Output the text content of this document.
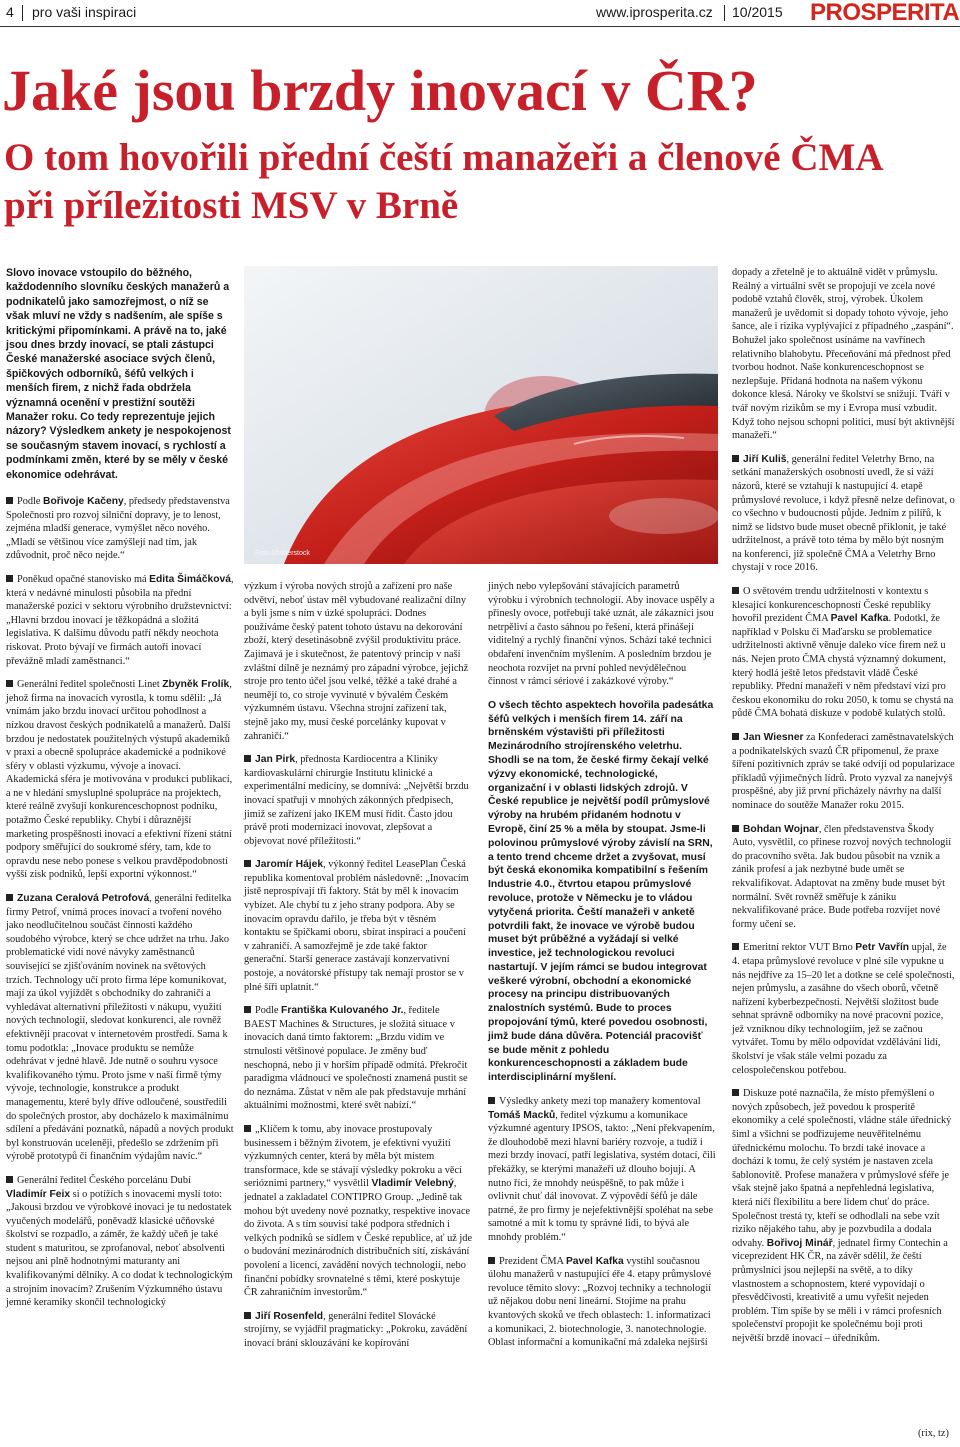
4 pro vaši inspiraci	www.iprosperita.cz 10/2015 PROSPERITA
Jaké jsou brzdy inovací v ČR?
O tom hovořili přední čeští manažeři a členové ČMA při příležitosti MSV v Brně
Slovo inovace vstoupilo do běžného, každodenního slovníku českých manažerů a podnikatelů jako samozřejmost, o níž se však mluví ne vždy s nadšením, ale spíše s kritickými připomínkami. A právě na to, jaké jsou dnes brzdy inovací, se ptali zástupci České manažerské asociace svých členů, špičkových odborníků, šéfů velkých i menších firem, z nichž řada obdržela významná ocenění v prestižní soutěži Manažer roku. Co tedy reprezentuje jejich názory? Výsledkem ankety je nespokojenost se současným stavem inovací, s rychlostí a podmínkami změn, které by se měly v české ekonomice odehrávat.
Foto Shutterstock

Podle Bořivoje Kačeny, předsedy představenstva Společnosti pro rozvoj silniční dopravy, je to lenost, zejména mladší generace, vymýšlet něco nového. „Mladí se většinou více zamýšlejí nad tím, jak zdůvodnit, proč něco nejde.“

Poněkud opačné stanovisko má Edita Šimáčková, která v nedávné minulosti působila na přední manažerské pozici v sektoru výrobního družstevnictví: „Hlavní brzdou inovací je těžkopádná a složitá legislativa. K dalšímu důvodu patří někdy neochota riskovat. Proto bývají ve firmách autoři inovací převážně mladí zaměstnanci.“

Generální ředitel společnosti Linet Zbyněk Frolík, jehož firma na inovacích vyrostla, k tomu sdělil: „Já vnímám jako brzdu inovací určitou pohodlnost a nízkou dravost českých podnikatelů a manažerů. Další brzdou je nedostatek použitelných výstupů akademiků v praxi a obecně spolupráce akademické a podnikové sféry v oblasti výzkumu, vývoje a inovací. Akademická sféra je motivována v produkci publikací, a ne v hledání smysluplné spolupráce na projektech, které reálně zvyšují konkurenceschopnost podniku, potažmo České republiky. Chybí i důraznější marketing prospěšnosti inovací a efektivní řízení státní podpory směřující do soukromé sféry, tam, kde to opravdu nese nebo ponese s velkou pravděpodobností vyšší zisk podniků, lepší exportní výkonnost.“

Zuzana Ceralová Petrofová, generální ředitelka firmy Petrof, vnímá proces inovací a tvoření nového jako neodlučitelnou součást činnosti každého soudobého výrobce, který se chce udržet na trhu. Jako problematické vidí nové návyky zaměstnanců související se zjišťováním novinek na světových trzích. Technology učí proto firma lépe komunikovat, mají za úkol vyjíždět s obchodníky do zahraničí a vyhledávat alternativní příležitosti v nákupu, využití nových technologií, sledovat konkurenci, ale rovněž efektivněji pracovat v internetovém prostředí. Sama k tomu podotkla: „Inovace produktu se nemůže odehrávat v jedné hlavě. Jde nutně o souhru vysoce kvalifikovaného týmu. Proto jsme v naší firmě týmy vývoje, technologie, konstrukce a produkt managementu, které byly dříve odloučené, soustředili do společných prostor, aby docházelo k maximálnímu sdílení a předávání poznatků, nápadů a nových produkt byl konstruován uceleněji, předešlo se zdržením při výrobě prototypů či finančním výdajům navíc.“

Generální ředitel Českého porcelánu Dubí Vladimír Feix si o potížích s inovacemi myslí toto: „Jakousi brzdou ve výrobkové inovaci je tu nedostatek vyučených modelářů, poněvadž klasické učňovské školství se rozpadlo, a záměr, že každý učeň je také student s maturitou, se zprofanoval, neboť absolventi nejsou ani plně hodnotnými maturanty ani kvalifikovanými dělníky. A co dodat k technologickým a strojním inovacím? Zrušením Výzkumného ústavu jemné keramiky skončil technologický

výzkum i výroba nových strojů a zařízení pro naše odvětví, neboť ústav měl vybudované realizační dílny a byli jsme s ním v úzké spolupráci. Dodnes používáme český patent tohoto ústavu na dekorování zboží, který desetinásobně zvýšil produktivitu práce. Zajímavá je i skutečnost, že patentový princip v naší zvláštní dílně je neznámý pro západní výrobce, jejichž stroje pro tento účel jsou velké, těžké a také drahé a neumějí to, co stroje vyvinuté v bývalém Českém výzkumném ústavu. Všechna strojní zařízení tak, stejně jako my, musí české porcelánky kupovat v zahraničí.“

Jan Pirk, přednosta Kardiocentra a Kliniky kardiovaskulární chirurgie Institutu klinické a experimentální medicíny, se domnívá: „Největší brzdu inovací spatřuji v mnohých zákonných předpisech, jimiž se zařízení jako IKEM musí řídit. Často jdou právě proti modernizaci inovovat, zlepšovat a objevovat nové příležitosti.“

Jaromír Hájek, výkonný ředitel LeasePlan Česká republika komentoval problém následovně: „Inovacím jistě neprospívají tři faktory. Stát by měl k inovacím vybízet. Ale chybí tu z jeho strany podpora. Aby se inovacím opravdu dařilo, je třeba být v těsném kontaktu se špičkami oboru, sbírat inspiraci a poučení v zahraničí. A samozřejmě je zde také faktor generační. Starší generace zastávají konzervativní postoje, a novátorské přístupy tak nemají prostor se v plné šíři uplatnit.“

Podle Františka Kulovaného Jr., ředitele BAEST Machines & Structures, je složitá situace v inovacích daná timto faktorem: „Brzdu vidím ve strnulosti většinové populace. Je změny buď neschopná, nebo ji v horším případě odmítá. Překročit paradigma vládnoucí ve společnosti znamená pustit se do neznáma. Zůstat v něm ale pak představuje mrhání aktuálními možnostmi, které svět nabízí.“

„Klíčem k tomu, aby inovace prostupovaly businessem i běžným životem, je efektivní využití výzkumných center, která by měla být místem transformace, kde se stávají výsledky pokroku a věcí serióznimi partnery,“ vysvětlil Vladimír Velebný, jednatel a zakladatel CONTIPRO Group. „Jedině tak mohou být uvedeny nové poznatky, respektive inovace do života. A s tím souvisí také podpora středních i velkých podniků se sídlem v České republice, ať už jde o budování mezinárodních distribučních sítí, získávání povolení a licencí, zavádění nových technologií, nebo finanční pobídky srovnatelné s těmi, které poskytuje ČR zahraničním investorům.“

Jiří Rosenfeld, generální ředitel Slovácké strojírny, se vyjádřil pragmaticky: „Pokroku, zavádění inovací brání sklouzávání ke kopírování

jiných nebo vylepšování stávajících parametrů výrobku i výrobních technologií. Aby inovace uspěly a přinesly ovoce, potřebují také uznát, ale zákazníci jsou netrpěliví a často sáhnou po řešení, která přinášejí viditelný a rychlý finanční výnos. Schází také technici obdaření invenčním myšlením. A posledním brzdou je neochota rozvíjet na první pohled nevýdělečnou činnost v rámci sériové i zakázkové výroby.“

O všech těchto aspektech hovořila padesátka šéfů velkých i menších firem 14. září na brněnském výstavišti při příležitosti Mezinárodního strojírenského veletrhu. Shodli se na tom, že české firmy čekají velké výzvy ekonomické, technologické, organizační i v oblasti lidských zdrojů. V České republice je největší podíl průmyslové výroby na hrubém přidaném hodnotu v Evropě, činí 25 % a měla by stoupat. Jsme-li polovinou průmyslové výroby závislí na SRN, a tento trend chceme držet a zvyšovat, musí být česká ekonomika kompatibilní s řešením Industrie 4.0., čtvrtou etapou průmyslové revoluce, protože v Německu je to vládou vytyčená priorita. Čeští manažeři v anketě potvrdili fakt, že inovace ve výrobě budou muset být průběžné a vyžádají si velké investice, jež technologickou revoluci nastartují. V jejím rámci se budou integrovat veškeré výrobní, obchodní a ekonomické procesy na principu distribuovaných znalostních systémů. Bude to proces propojování týmů, které povedou osobnosti, jimž bude dána důvěra. Potenciál pracovišť se bude měnit z pohledu konkurenceschopnosti a základem bude interdisciplinární myšlení.

Výsledky ankety mezi top manažery komentoval Tomáš Macků, ředitel výzkumu a komunikace výzkumné agentury IPSOS, takto: „Není překvapením, že dlouhodobě mezi hlavní bariéry rozvoje, a tudíž i mezi brzdy inovací, patří legislativa, systém dotací, čili překážky, se kterými manažeři už dlouho bojují. A nutno říci, že mnohdy neúspěšně, to pak může i ovlivnit chuť dál inovovat. Z výpovědí šéfů je dále patrné, že pro firmy je nejefektivnější spoléhat na sebe samotné a mít k tomu ty správné lidi, to bývá ale mnohdy problém.“

Prezident ČMA Pavel Kafka vystihl současnou úlohu manažerů v nastupující éře 4. etapy průmyslové revoluce těmito slovy: „Rozvoj techniky a technologií už nějakou dobu není lineární. Stojíme na prahu kvantových skoků ve třech oblastech: 1. informatizaci a komunikaci, 2. biotechnologie, 3. nanotechnologie. Oblast informační a komunikační má zdaleka nejširší

dopady a zřetelně je to aktuálně vidět v průmyslu. Reálný a virtuální svět se propojují ve zcela nové podobě vztahů člověk, stroj, výrobek. Úkolem manažerů je uvědomit si dopady tohoto vývoje, jeho šance, ale i rizika vyplývající z případného „zaspání“. Bohužel jako společnost usínáme na vavřínech relativního blahobytu. Přeceňování má přednost před tvorbou hodnot. Naše konkurenceschopnost se nezlepšuje. Přidaná hodnota na našem výkonu dokonce klesá. Nároky ve školství se snižují. Tváří v tvář novým rizikům se my i Evropa musí vzbudit. Když toho nejsou schopni politici, musí být aktivnější manažeři.“

Jiří Kuliš, generální ředitel Veletrhy Brno, na setkání manažerských osobností uvedl, že si váží názorů, které se vztahují k nastupující 4. etapě průmyslové revoluce, i když přesně nelze definovat, o co všechno v budoucnosti půjde. Jedním z pilířů, k nimž se lidstvo bude muset obecně přiklonit, je také udržitelnost, a právě toto téma by mělo být nosným na konferenci, již společně ČMA a Veletrhy Brno chystají v roce 2016.

O světovém trendu udržitelnosti v kontextu s klesající konkurenceschopností České republiky hovořil prezident ČMA Pavel Kafka. Podotkl, že například v Polsku či Maďarsku se problematice udržitelnosti aktivně věnuje daleko více firem než u nás. Nejen proto ČMA chystá významný dokument, který hodlá ještě letos představit vládě České republiky. Přední manažeři v něm představí vizi pro českou ekonomiku do roku 2050, k tomu se chystá na půdě ČMA bohatá diskuze v podobě kulatých stolů.

Jan Wiesner za Konfederaci zaměstnavatelských a podnikatelských svazů ČR připomenul, že praxe šíření pozitivních zpráv se také odvíjí od popularizace příkladů výjimečných lídrů. Proto vyzval za nanejvýš prospěšné, aby již první přicházely návrhy na další nominace do soutěže Manažer roku 2015.

Bohdan Wojnar, člen představenstva Škody Auto, vysvětlil, co přinese rozvoj nových technologií do pracovního světa. Jak budou působit na vznik a zánik profesí a jak nezbytné bude umět se rekvalifikovat. Adaptovat na změny bude muset být normální. Svět rovněž směřuje k zániku nekvalifikované práce. Bude potřeba rozvíjet nové formy učení se.

Emeritní rektor VUT Brno Petr Vavřín upjal, že 4. etapa průmyslové revoluce v plné síle vypukne u nás nejdříve za 15–20 let a dotkne se celé společnosti, nejen průmyslu, a zasáhne do všech oborů, včetně nařízení kyberbezpečnosti. Největší složitost bude sehnat správně odborníky na nové pracovní pozice, jež vzniknou díky technologiím, jež se začnou vytvářet. Tomu by mělo odpovídat vzdělávání lidí, školství je však stále velmi pozadu za celospolečenskou potřebou.

Diskuze poté naznačila, že místo přemýšlení o nových způsobech, jež povedou k prosperitě ekonomiky a celé společnosti, vládne stále úřednický šiml a všichni se podřizujeme neuvěřitelnému úřednickému molochu. To brzdí také inovace a dochází k tomu, že celý systém je nastaven zcela šablonovitě. Profese manažera v průmyslové sféře je však stejně jako špatná a nepřehledná legislativa, která ničí flexibilitu a bere lidem chuť do práce. Společnost trestá ty, kteří se odhodlali na sebe vzít riziko nějakého tahu, aby je pozvbudila a dodala odvahy. Bořivoj Minář, jednatel firmy Contechin a viceprezident HK ČR, na závěr sdělil, že čeští průmyslníci jsou nejlepší na světě, a to díky vlastnostem a schopnostem, které vypovídají o přesvědčivosti, kreativitě a umu vyřešit nejeden problém. Tím spíše by se měli i v rámci profesních společenství propojit ke společnému boji proti největší brzdě inovací – úředníkům.

(rix, tz)
